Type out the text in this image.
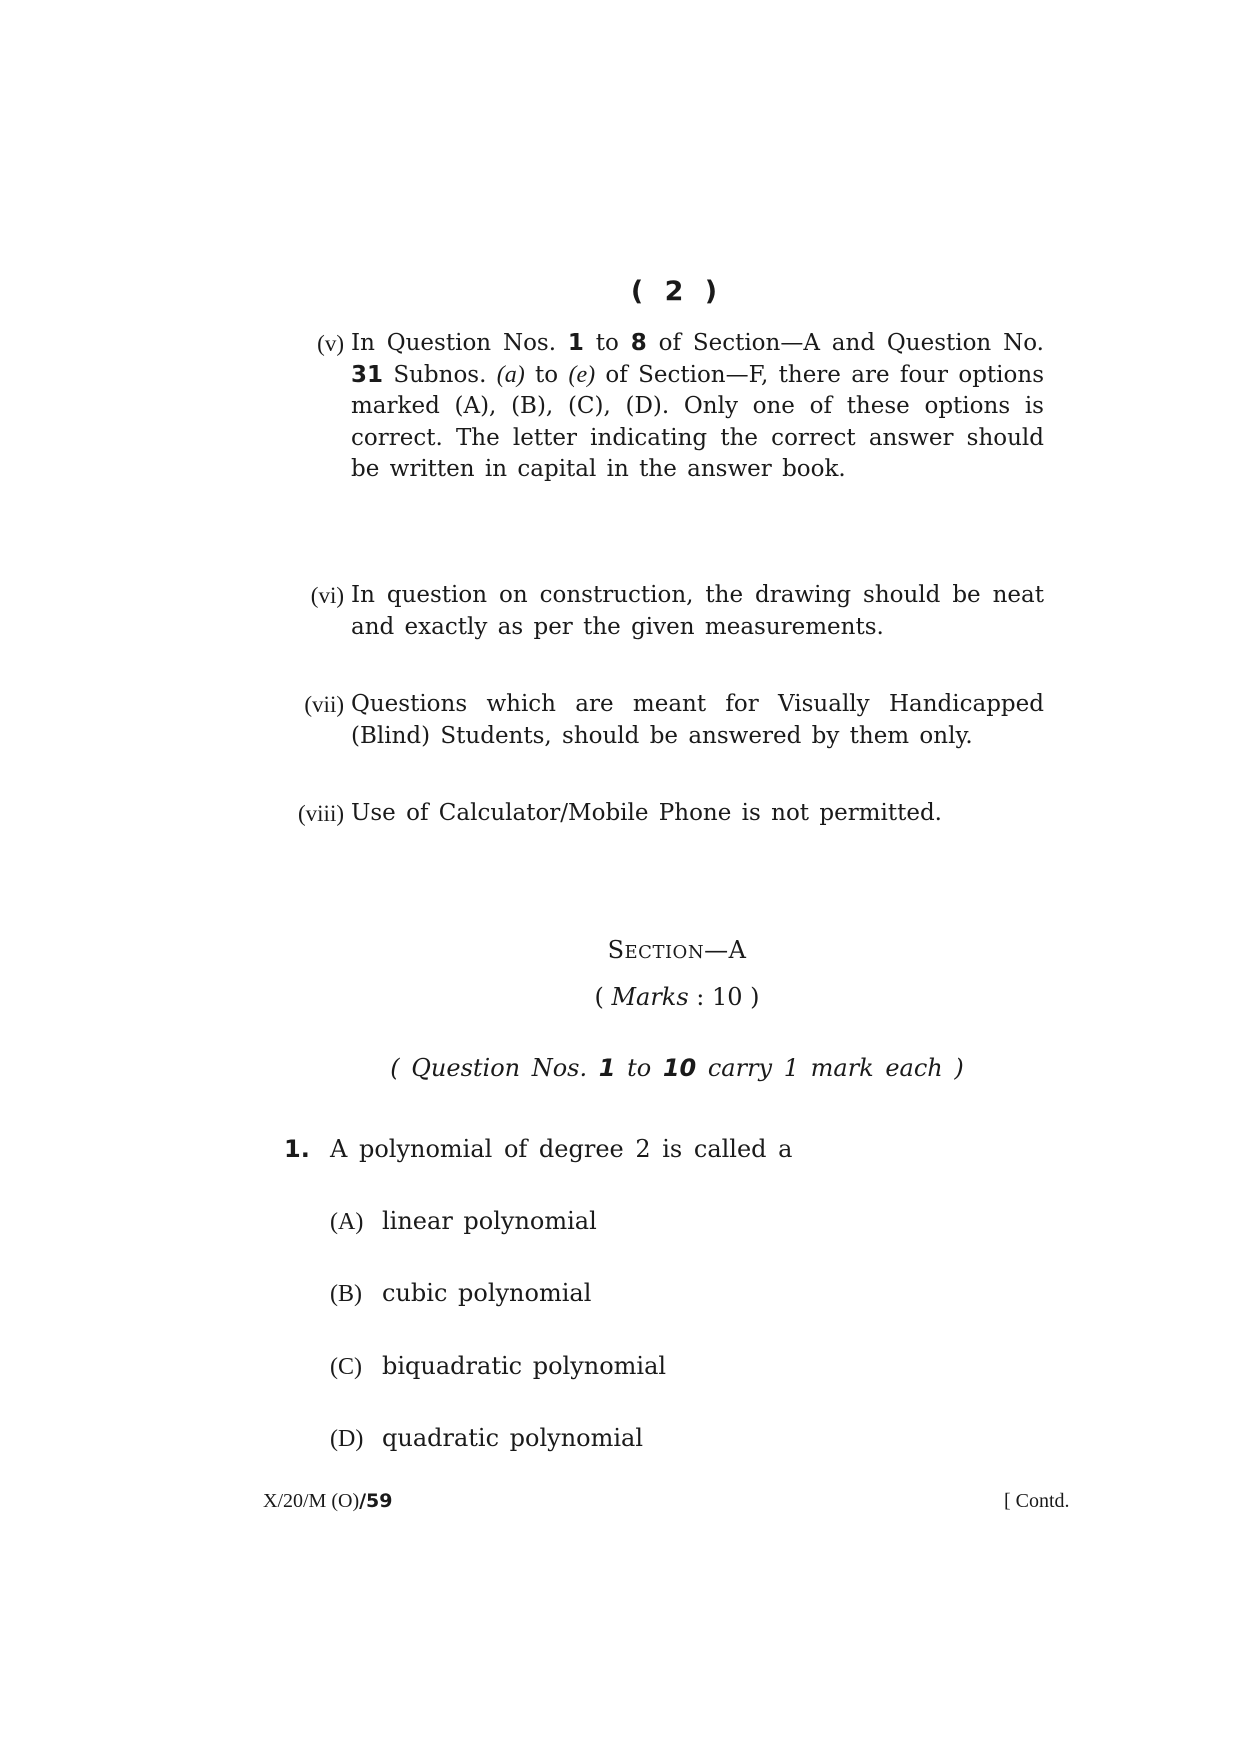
( 2 )
(v) In Question Nos. 1 to 8 of Section—A and Question No. 31 Subnos. (a) to (e) of Section—F, there are four options marked (A), (B), (C), (D). Only one of these options is correct. The letter indicating the correct answer should be written in capital in the answer book.
(vi) In question on construction, the drawing should be neat and exactly as per the given measurements.
(vii) Questions which are meant for Visually Handicapped (Blind) Students, should be answered by them only.
(viii) Use of Calculator/Mobile Phone is not permitted.
SECTION—A
( Marks : 10 )
( Question Nos. 1 to 10 carry 1 mark each )
1. A polynomial of degree 2 is called a
(A) linear polynomial
(B) cubic polynomial
(C) biquadratic polynomial
(D) quadratic polynomial
X/20/M (O)/59	[ Contd.
